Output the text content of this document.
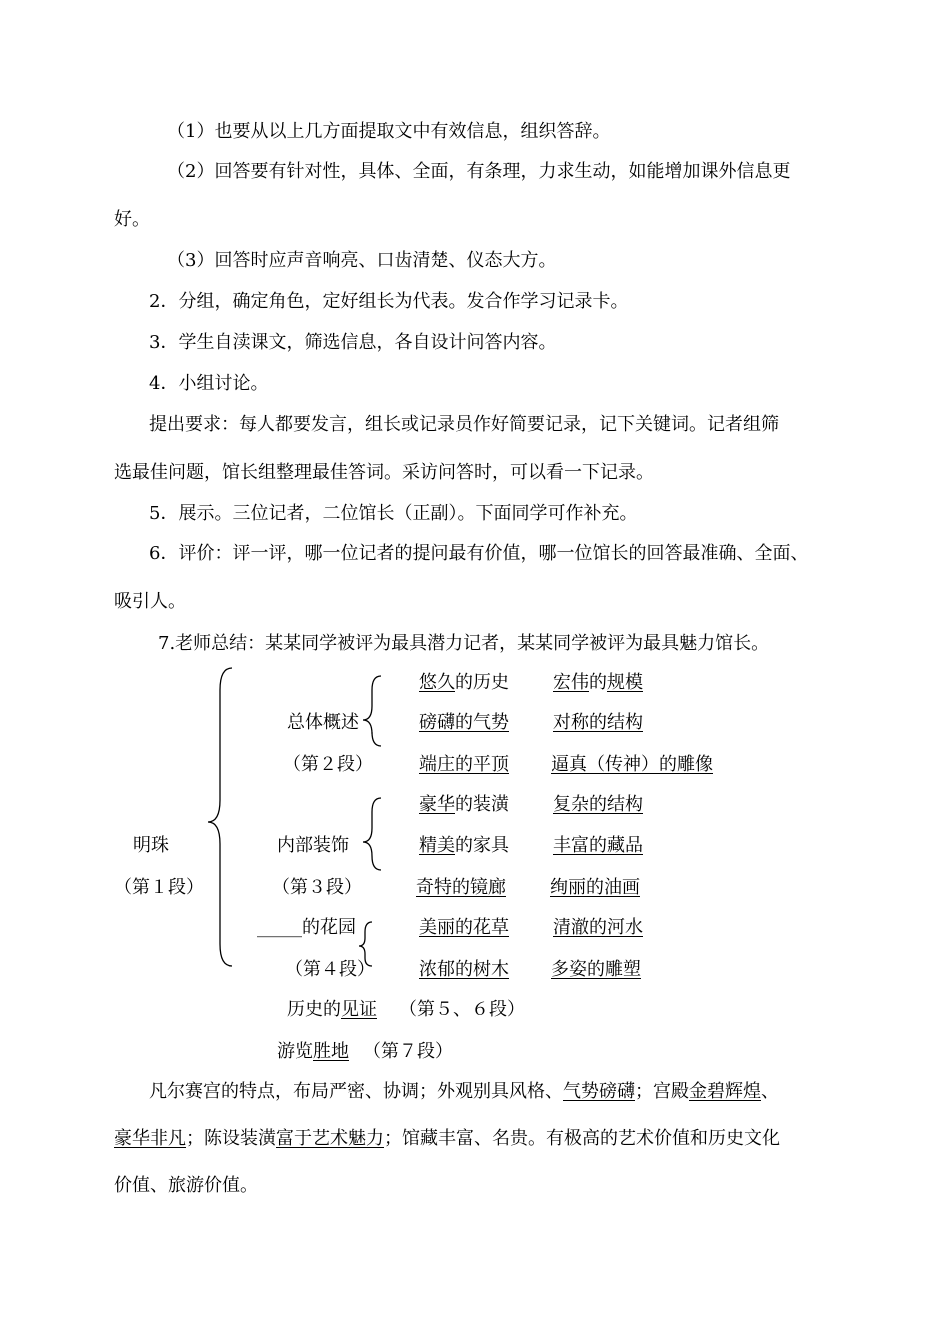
（1）也要从以上几方面提取文中有效信息，组织答辞。
（2）回答要有针对性，具体、全面，有条理，力求生动，如能增加课外信息更
好。
（3）回答时应声音响亮、口齿清楚、仪态大方。
2．分组，确定角色，定好组长为代表。发合作学习记录卡。
3．学生自渎课文，筛选信息，各自设计问答内容。
4．小组讨论。
提出要求：每人都要发言，组长或记录员作好简要记录，记下关键词。记者组筛
选最佳问题，馆长组整理最佳答词。采访问答时，可以看一下记录。
5．展示。三位记者，二位馆长（正副）。下面同学可作补充。
6．评价：评一评，哪一位记者的提问最有价值，哪一位馆长的回答最准确、全面、
吸引人。
7.老师总结：某某同学被评为最具潜力记者，某某同学被评为最具魅力馆长。
明珠
（第１段）
总体概述
（第２段）
悠久的历史 宏伟的规模
磅礴的气势 对称的结构
端庄的平顶 逼真（传神）的雕像
内部装饰
（第３段）
豪华的装潢 复杂的结构
精美的家具 丰富的藏品
奇特的镜廊 绚丽的油画
_____的花园
（第４段）
美丽的花草 清澈的河水
浓郁的树木 多姿的雕塑
历史的见证 （第５、６段）
游览胜地 （第７段）
凡尔赛宫的特点，布局严密、协调；外观别具风格、气势磅礴；宫殿金碧辉煌、
豪华非凡；陈设装潢富于艺术魅力；馆藏丰富、名贵。有极高的艺术价值和历史文化
价值、旅游价值。
